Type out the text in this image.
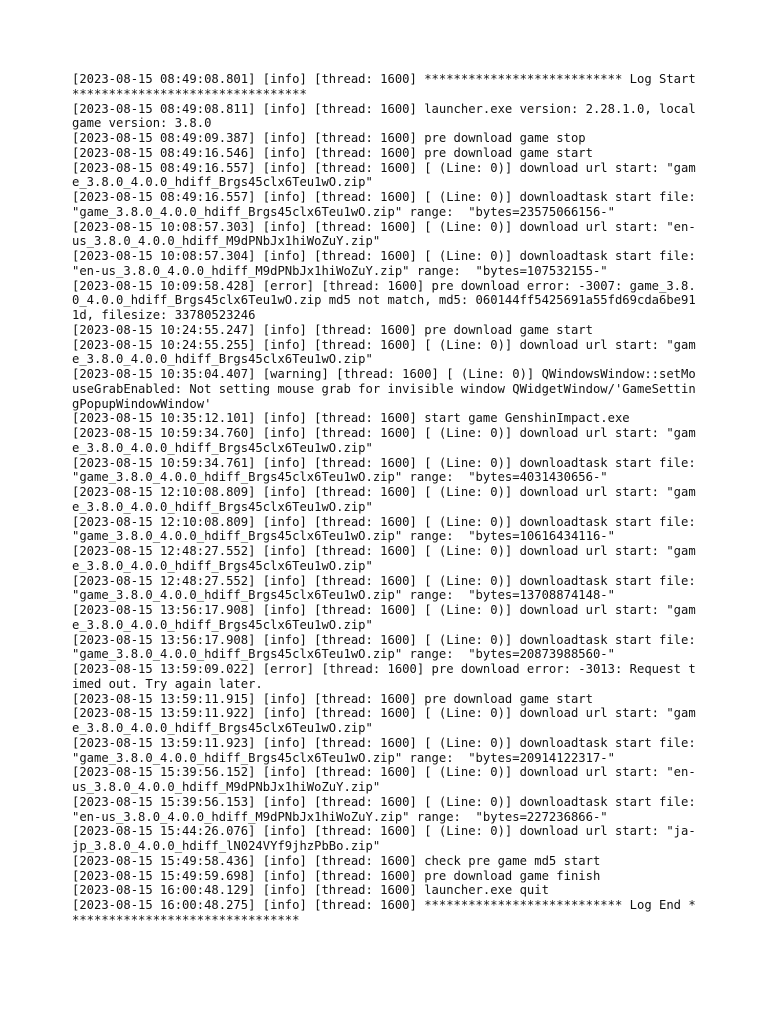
[2023-08-15 08:49:08.801] [info] [thread: 1600] *************************** Log Start ********************************

[2023-08-15 08:49:08.811] [info] [thread: 1600] launcher.exe version: 2.28.1.0, local game version: 3.8.0

[2023-08-15 08:49:09.387] [info] [thread: 1600] pre download game stop

[2023-08-15 08:49:16.546] [info] [thread: 1600] pre download game start

[2023-08-15 08:49:16.557] [info] [thread: 1600] [ (Line: 0)] download url start: "game_3.8.0_4.0.0_hdiff_Brgs45clx6Teu1wO.zip"

[2023-08-15 08:49:16.557] [info] [thread: 1600] [ (Line: 0)] downloadtask start file: "game_3.8.0_4.0.0_hdiff_Brgs45clx6Teu1wO.zip" range:  "bytes=23575066156-"

[2023-08-15 10:08:57.303] [info] [thread: 1600] [ (Line: 0)] download url start: "en-us_3.8.0_4.0.0_hdiff_M9dPNbJx1hiWoZuY.zip"

[2023-08-15 10:08:57.304] [info] [thread: 1600] [ (Line: 0)] downloadtask start file: "en-us_3.8.0_4.0.0_hdiff_M9dPNbJx1hiWoZuY.zip" range:  "bytes=107532155-"

[2023-08-15 10:09:58.428] [error] [thread: 1600] pre download error: -3007: game_3.8.0_4.0.0_hdiff_Brgs45clx6Teu1wO.zip md5 not match, md5: 060144ff5425691a55fd69cda6be911d, filesize: 33780523246

[2023-08-15 10:24:55.247] [info] [thread: 1600] pre download game start

[2023-08-15 10:24:55.255] [info] [thread: 1600] [ (Line: 0)] download url start: "game_3.8.0_4.0.0_hdiff_Brgs45clx6Teu1wO.zip"

[2023-08-15 10:35:04.407] [warning] [thread: 1600] [ (Line: 0)] QWindowsWindow::setMouseGrabEnabled: Not setting mouse grab for invisible window QWidgetWindow/'GameSettingPopupWindowWindow'

[2023-08-15 10:35:12.101] [info] [thread: 1600] start game GenshinImpact.exe

[2023-08-15 10:59:34.760] [info] [thread: 1600] [ (Line: 0)] download url start: "game_3.8.0_4.0.0_hdiff_Brgs45clx6Teu1wO.zip"

[2023-08-15 10:59:34.761] [info] [thread: 1600] [ (Line: 0)] downloadtask start file: "game_3.8.0_4.0.0_hdiff_Brgs45clx6Teu1wO.zip" range:  "bytes=4031430656-"

[2023-08-15 12:10:08.809] [info] [thread: 1600] [ (Line: 0)] download url start: "game_3.8.0_4.0.0_hdiff_Brgs45clx6Teu1wO.zip"

[2023-08-15 12:10:08.809] [info] [thread: 1600] [ (Line: 0)] downloadtask start file: "game_3.8.0_4.0.0_hdiff_Brgs45clx6Teu1wO.zip" range:  "bytes=10616434116-"

[2023-08-15 12:48:27.552] [info] [thread: 1600] [ (Line: 0)] download url start: "game_3.8.0_4.0.0_hdiff_Brgs45clx6Teu1wO.zip"

[2023-08-15 12:48:27.552] [info] [thread: 1600] [ (Line: 0)] downloadtask start file: "game_3.8.0_4.0.0_hdiff_Brgs45clx6Teu1wO.zip" range:  "bytes=13708874148-"

[2023-08-15 13:56:17.908] [info] [thread: 1600] [ (Line: 0)] download url start: "game_3.8.0_4.0.0_hdiff_Brgs45clx6Teu1wO.zip"

[2023-08-15 13:56:17.908] [info] [thread: 1600] [ (Line: 0)] downloadtask start file: "game_3.8.0_4.0.0_hdiff_Brgs45clx6Teu1wO.zip" range:  "bytes=20873988560-"

[2023-08-15 13:59:09.022] [error] [thread: 1600] pre download error: -3013: Request timed out. Try again later.

[2023-08-15 13:59:11.915] [info] [thread: 1600] pre download game start

[2023-08-15 13:59:11.922] [info] [thread: 1600] [ (Line: 0)] download url start: "game_3.8.0_4.0.0_hdiff_Brgs45clx6Teu1wO.zip"

[2023-08-15 13:59:11.923] [info] [thread: 1600] [ (Line: 0)] downloadtask start file: "game_3.8.0_4.0.0_hdiff_Brgs45clx6Teu1wO.zip" range:  "bytes=20914122317-"

[2023-08-15 15:39:56.152] [info] [thread: 1600] [ (Line: 0)] download url start: "en-us_3.8.0_4.0.0_hdiff_M9dPNbJx1hiWoZuY.zip"

[2023-08-15 15:39:56.153] [info] [thread: 1600] [ (Line: 0)] downloadtask start file: "en-us_3.8.0_4.0.0_hdiff_M9dPNbJx1hiWoZuY.zip" range:  "bytes=227236866-"

[2023-08-15 15:44:26.076] [info] [thread: 1600] [ (Line: 0)] download url start: "ja-jp_3.8.0_4.0.0_hdiff_lN024VYf9jhzPbBo.zip"

[2023-08-15 15:49:58.436] [info] [thread: 1600] check pre game md5 start

[2023-08-15 15:49:59.698] [info] [thread: 1600] pre download game finish

[2023-08-15 16:00:48.129] [info] [thread: 1600] launcher.exe quit

[2023-08-15 16:00:48.275] [info] [thread: 1600] *************************** Log End ********************************
